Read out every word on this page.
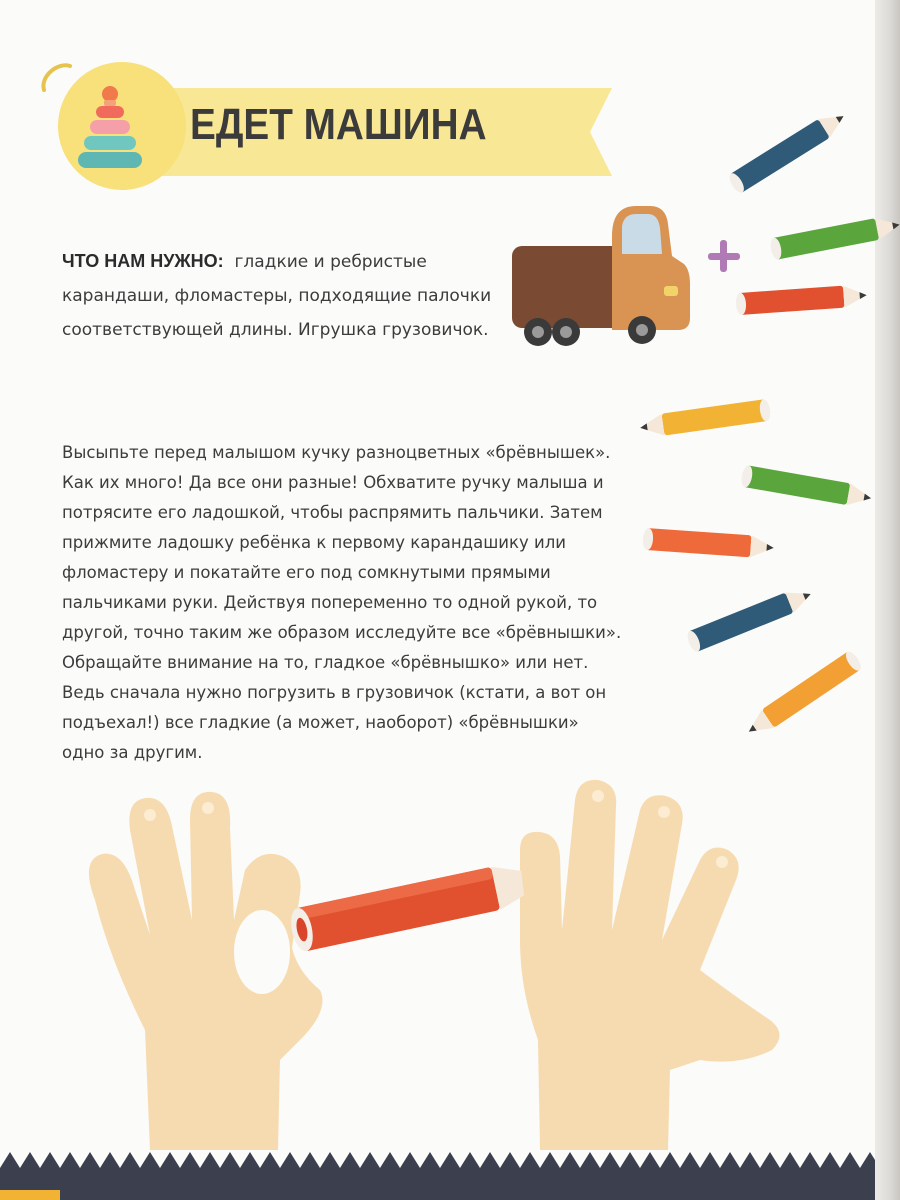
ЕДЕТ МАШИНА

ЧТО НАМ НУЖНО: гладкие и ребристые карандаши, фломастеры, подходящие палочки соответствующей длины. Игрушка грузовичок.

Высыпьте перед малышом кучку разноцветных «брёвнышек». Как их много! Да все они разные! Обхватите ручку малыша и потрясите его ладошкой, чтобы распрямить пальчики. Затем прижмите ладошку ребёнка к первому карандашику или фломастеру и покатайте его под сомкнутыми прямыми пальчиками руки. Действуя попеременно то одной рукой, то другой, точно таким же образом исследуйте все «брёвнышки». Обращайте внимание на то, гладкое «брёвнышко» или нет. Ведь сначала нужно погрузить в грузовичок (кстати, а вот он подъехал!) все гладкие (а может, наоборот) «брёвнышки» одно за другим.
